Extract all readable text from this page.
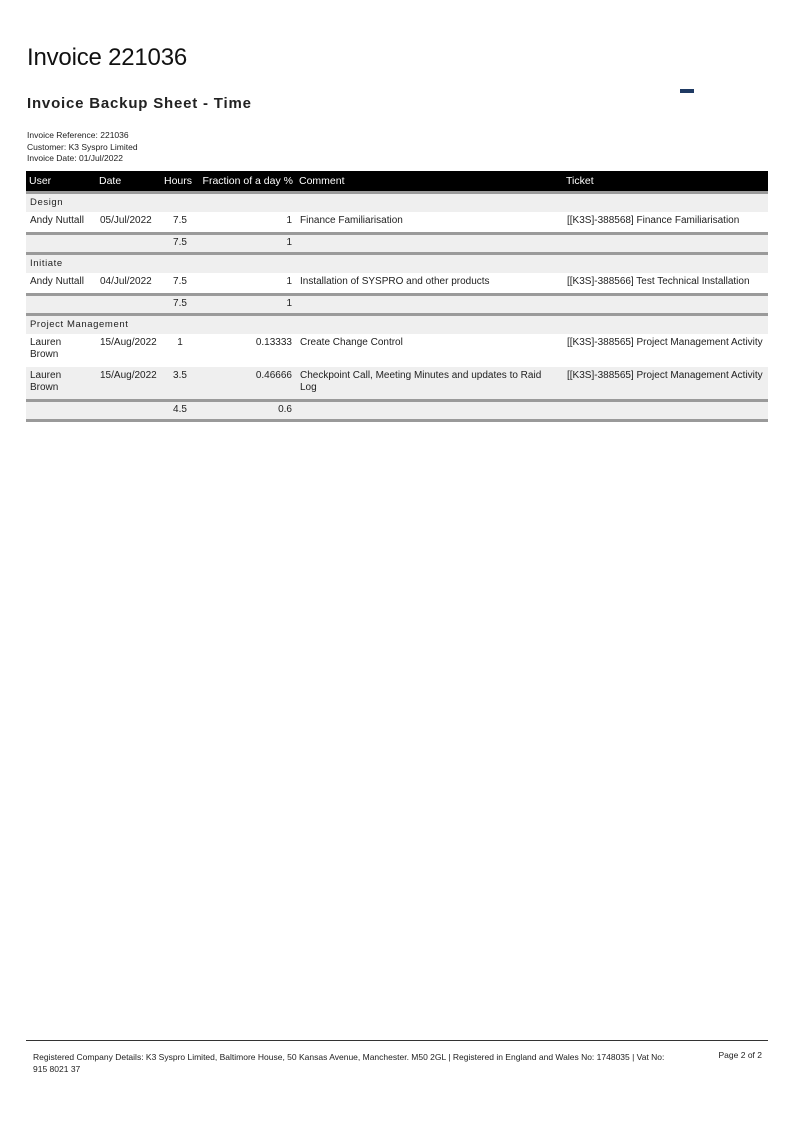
Invoice 221036
Invoice Backup Sheet - Time
Invoice Reference: 221036
Customer: K3 Syspro Limited
Invoice Date: 01/Jul/2022
User	Date	Hours	Fraction of a day %	Comment	Ticket
Design					
Andy Nuttall	05/Jul/2022	7.5	1	Finance Familiarisation	[[K3S]-388568] Finance Familiarisation
		7.5	1		
Initiate					
Andy Nuttall	04/Jul/2022	7.5	1	Installation of SYSPRO and other products	[[K3S]-388566] Test Technical Installation
		7.5	1		
Project Management					
Lauren Brown	15/Aug/2022	1	0.13333	Create Change Control	[[K3S]-388565] Project Management Activity
Lauren Brown	15/Aug/2022	3.5	0.46666	Checkpoint Call, Meeting Minutes and updates to Raid Log	[[K3S]-388565] Project Management Activity
		4.5	0.6		

Registered Company Details: K3 Syspro Limited, Baltimore House, 50 Kansas Avenue, Manchester. M50 2GL | Registered in England and Wales No: 1748035 | Vat No: 915 8021 37
Page 2 of 2
